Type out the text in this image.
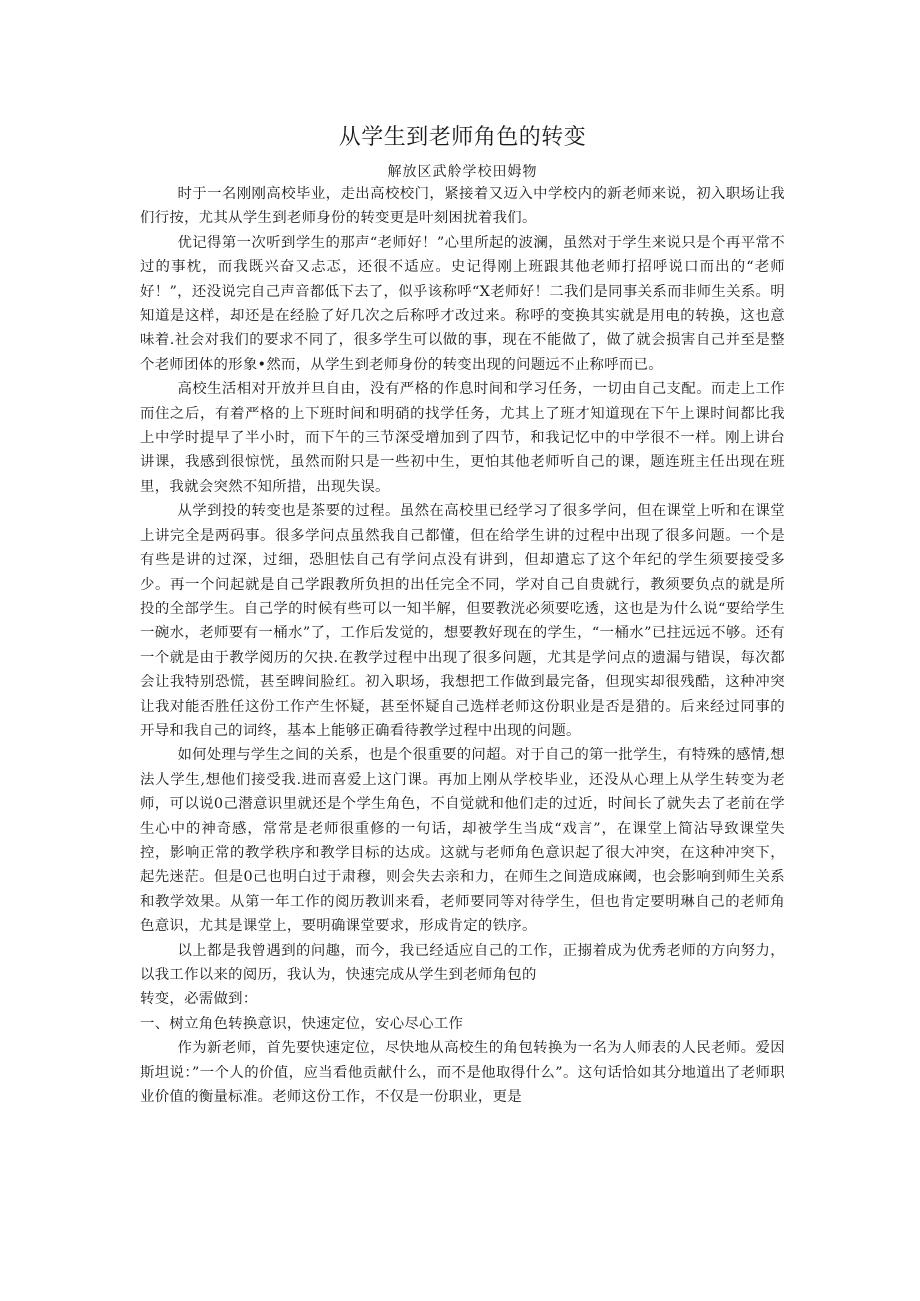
从学生到老师角色的转变

解放区武舲学校田姆物

时于一名刚刚高校毕业，走出高校校门，紧接着又迈入中学校内的新老师来说，初入职场让我们行按，尤其从学生到老师身份的转变更是叶刻困扰着我们。

优记得第一次听到学生的那声“老师好！”心里所起的波澜，虽然对于学生来说只是个再平常不过的事枕，而我既兴奋又忐忑，还很不适应。史记得刚上班跟其他老师打招呼说口而出的“老师好！”，还没说完自己声音都低下去了，似乎该称呼“X老师好！二我们是同事关系而非师生关系。明知道是这样，却还是在经脸了好几次之后称呼才改过来。称呼的变换其实就是用电的转换，这也意味着.社会对我们的要求不同了，很多学生可以做的事，现在不能做了，做了就会损害自己并至是整个老师团体的形象•然而，从学生到老师身份的转变出现的问题远不止称呼而已。

高校生活相对开放并旦自由，没有严格的作息时间和学习任务，一切由自己支配。而走上工作而住之后，有着严格的上下班时间和明硝的找学任务，尤其上了班才知道现在下午上课时间都比我上中学时提早了半小时，而下午的三节深受增加到了四节，和我记忆中的中学很不一样。刚上讲台讲课，我感到很惊恍，虽然而附只是一些初中生，更怕其他老师听自己的课，题连班主任出现在班里，我就会突然不知所措，出现失误。

从学到投的转变也是茶要的过程。虽然在高校里已经学习了很多学问，但在课堂上听和在课堂上讲完全是两码事。很多学问点虽然我自己都懂，但在给学生讲的过程中出现了很多问题。一个是有些是讲的过深，过细，恐胆怯自己有学问点没有讲到，但却遣忘了这个年纪的学生须要接受多少。再一个问起就是自己学跟教所负担的出任完全不同，学对自己自贵就行，教须要负点的就是所投的全部学生。自己学的时候有些可以一知半解，但要教洸必须要吃透，这也是为什么说“要给学生一碗水，老师要有一桶水”了，工作后发觉的，想要教好现在的学生，“一桶水”已拄远远不够。还有一个就是由于教学阅历的欠抉.在教学过程中出现了很多问题，尤其是学问点的遗漏与错误，每次都会让我特别恐慌，甚至睥间脸红。初入职场，我想把工作做到最完备，但现实却很残酷，这种冲突让我对能否胜任这份工作产生怀疑，甚至怀疑自己选样老师这份职业是否是猎的。后来经过同事的开导和我自己的词终，基本上能够正确看待教学过程中出现的问题。

如何处理与学生之间的关系，也是个很重要的问超。对于自己的第一批学生，有特殊的感情,想法人学生,想他们接受我.进而喜爱上这门课。再加上刚从学校毕业，还没从心理上从学生转变为老师，可以说0己潜意识里就还是个学生角色，不自觉就和他们走的过近，时间长了就失去了老前在学生心中的神奇感，常常是老师很重修的一句话，却被学生当成“戏言”，在课堂上简沾导致课堂失控，影响正常的教学秩序和教学目标的达成。这就与老师角色意识起了很大冲突，在这种冲突下，起先迷茫。但是0己也明白过于肃穆，则会失去亲和力，在师生之间造成麻阈，也会影响到师生关系和教学效果。从第一年工作的阅历教训来看，老师要同等对待学生，但也肯定要明琳自己的老师角色意识，尤其是课堂上，要明确课堂要求，形成肯定的铁序。

以上都是我曾遇到的问趣，而今，我已经适应自己的工作，正搦着成为优秀老师的方向努力，以我工作以来的阅历，我认为，快速完成从学生到老师角包的

转变，必需做到：

一、树立角色转换意识，快速定位，安心尽心工作

作为新老师，首先要快速定位，尽快地从高校生的角包转换为一名为人师表的人民老师。爱因斯坦说：”一个人的价值，应当看他贡献什么，而不是他取得什么”。这句话恰如其分地道出了老师职业价值的衡量标准。老师这份工作，不仅是一份职业，更是
